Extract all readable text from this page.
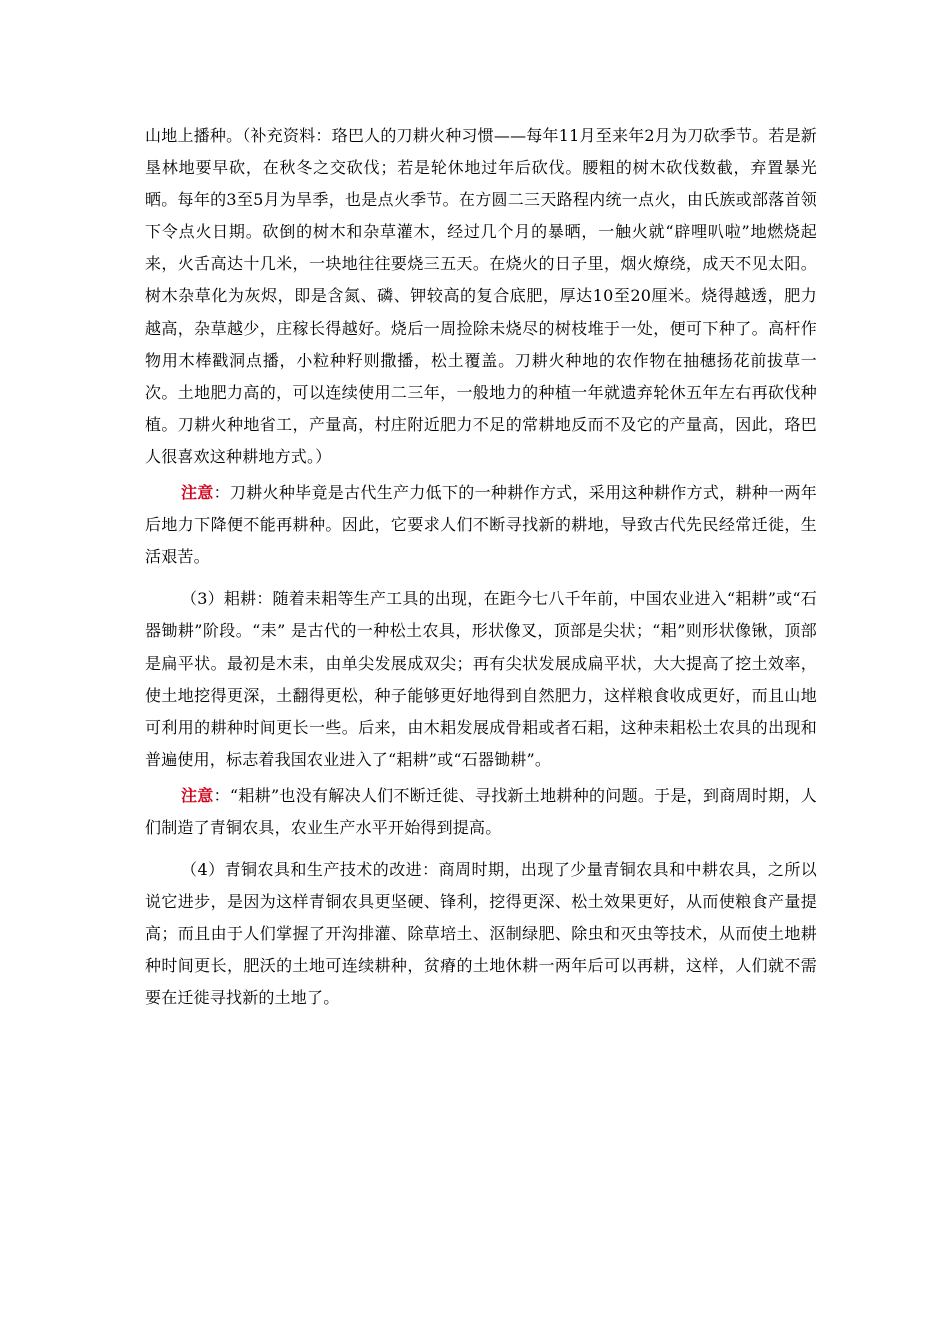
山地上播种。（补充资料：珞巴人的刀耕火种习惯——每年11月至来年2月为刀砍季节。若是新垦林地要早砍，在秋冬之交砍伐；若是轮休地过年后砍伐。腰粗的树木砍伐数截，弃置暴光晒。每年的3至5月为旱季，也是点火季节。在方圆二三天路程内统一点火，由氏族或部落首领下令点火日期。砍倒的树木和杂草灌木，经过几个月的暴晒，一触火就“辟哩叭啦”地燃烧起来，火舌高达十几米，一块地往往要烧三五天。在烧火的日子里，烟火燎绕，成天不见太阳。树木杂草化为灰烬，即是含氮、磷、钾较高的复合底肥，厚达10至20厘米。烧得越透，肥力越高，杂草越少，庄稼长得越好。烧后一周捡除未烧尽的树枝堆于一处，便可下种了。高杆作物用木棒戳洞点播，小粒种籽则撒播，松土覆盖。刀耕火种地的农作物在抽穗扬花前拔草一次。土地肥力高的，可以连续使用二三年，一般地力的种植一年就遗弃轮休五年左右再砍伐种植。刀耕火种地省工，产量高，村庄附近肥力不足的常耕地反而不及它的产量高，因此，珞巴人很喜欢这种耕地方式。）

注意：刀耕火种毕竟是古代生产力低下的一种耕作方式，采用这种耕作方式，耕种一两年后地力下降便不能再耕种。因此，它要求人们不断寻找新的耕地，导致古代先民经常迁徙，生活艰苦。

（3）耜耕：随着耒耜等生产工具的出现，在距今七八千年前，中国农业进入“耜耕”或“石器锄耕”阶段。“耒” 是古代的一种松土农具，形状像叉，顶部是尖状；“耜”则形状像锹，顶部是扁平状。最初是木耒，由单尖发展成双尖；再有尖状发展成扁平状，大大提高了挖土效率，使土地挖得更深，土翻得更松，种子能够更好地得到自然肥力，这样粮食收成更好，而且山地可利用的耕种时间更长一些。后来，由木耜发展成骨耜或者石耜，这种耒耜松土农具的出现和普遍使用，标志着我国农业进入了“耜耕”或“石器锄耕”。

注意：“耜耕”也没有解决人们不断迁徙、寻找新土地耕种的问题。于是，到商周时期，人们制造了青铜农具，农业生产水平开始得到提高。

（4）青铜农具和生产技术的改进：商周时期，出现了少量青铜农具和中耕农具，之所以说它进步，是因为这样青铜农具更坚硬、锋利，挖得更深、松土效果更好，从而使粮食产量提高；而且由于人们掌握了开沟排灌、除草培土、沤制绿肥、除虫和灭虫等技术，从而使土地耕种时间更长，肥沃的土地可连续耕种，贫瘠的土地休耕一两年后可以再耕，这样，人们就不需要在迁徙寻找新的土地了。
